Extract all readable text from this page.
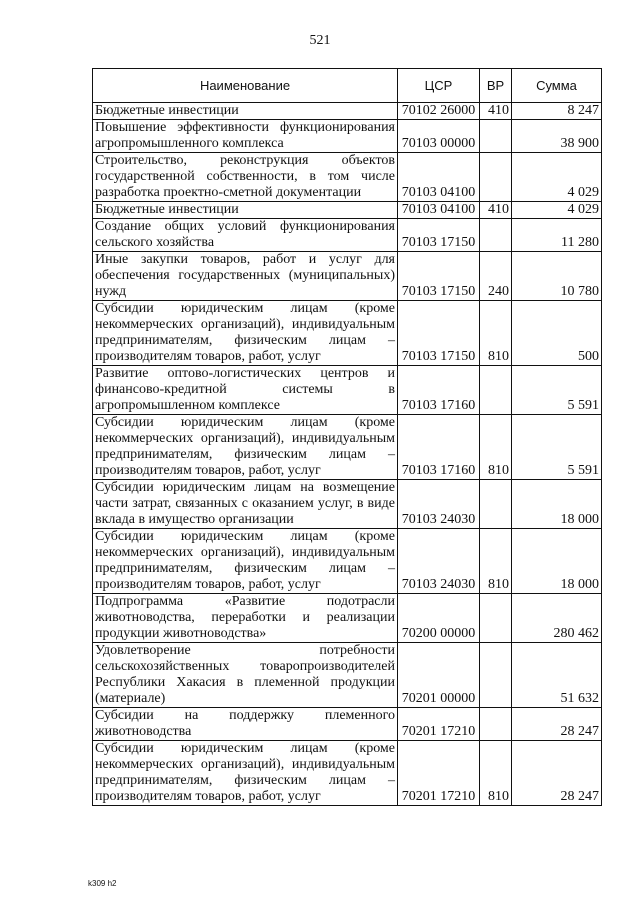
521
Наименование	ЦСР	ВР	Сумма
Бюджетные инвестиции	70102 26000	410	8 247
Повышение эффективности функционирования агропромышленного комплекса	70103 00000		38 900
Строительство, реконструкция объектов государственной собственности, в том числе разработка проектно-сметной документации	70103 04100		4 029
Бюджетные инвестиции	70103 04100	410	4 029
Создание общих условий функционирования сельского хозяйства	70103 17150		11 280
Иные закупки товаров, работ и услуг для обеспечения государственных (муниципальных) нужд	70103 17150	240	10 780
Субсидии юридическим лицам (кроме некоммерческих организаций), индивидуальным предпринимателям, физическим лицам – производителям товаров, работ, услуг	70103 17150	810	500
Развитие оптово-логистических центров и финансово-кредитной системы в агропромышленном комплексе	70103 17160		5 591
Субсидии юридическим лицам (кроме некоммерческих организаций), индивидуальным предпринимателям, физическим лицам – производителям товаров, работ, услуг	70103 17160	810	5 591
Субсидии юридическим лицам на возмещение части затрат, связанных с оказанием услуг, в виде вклада в имущество организации	70103 24030		18 000
Субсидии юридическим лицам (кроме некоммерческих организаций), индивидуальным предпринимателям, физическим лицам – производителям товаров, работ, услуг	70103 24030	810	18 000
Подпрограмма «Развитие подотрасли животноводства, переработки и реализации продукции животноводства»	70200 00000		280 462
Удовлетворение потребности сельскохозяйственных товаропроизводителей Республики Хакасия в племенной продукции (материале)	70201 00000		51 632
Субсидии на поддержку племенного животноводства	70201 17210		28 247
Субсидии юридическим лицам (кроме некоммерческих организаций), индивидуальным предпринимателям, физическим лицам – производителям товаров, работ, услуг	70201 17210	810	28 247
k309 h2
